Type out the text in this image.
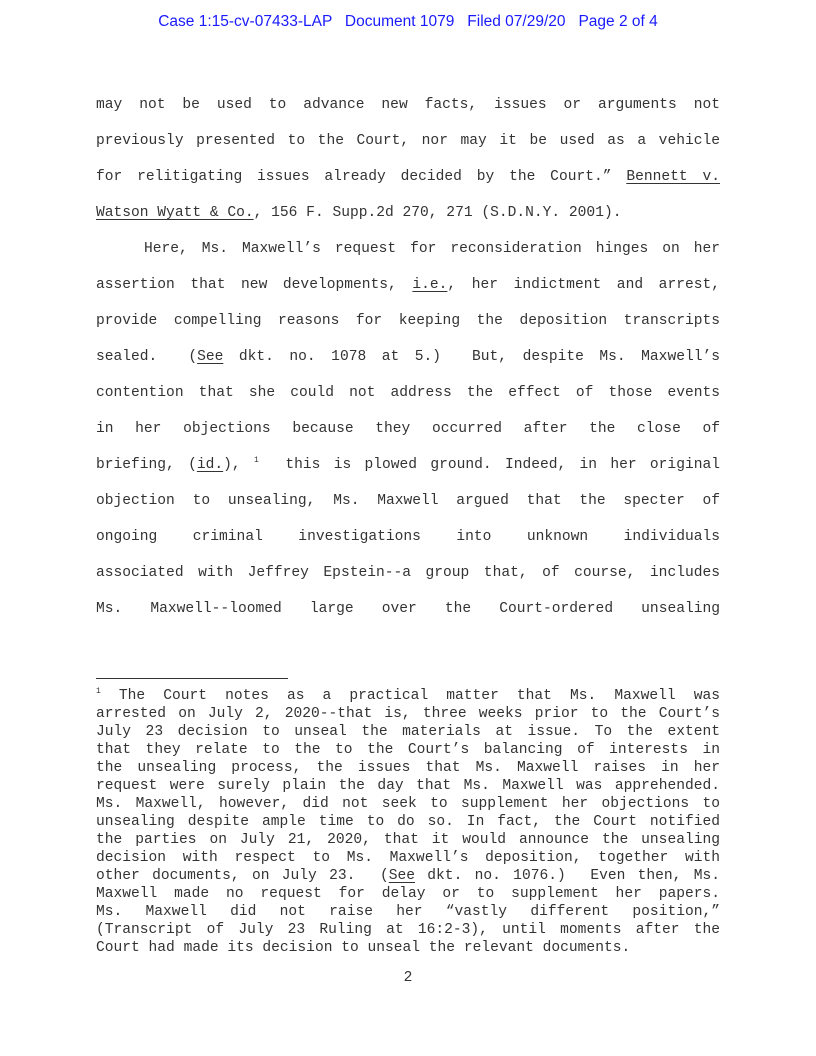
Case 1:15-cv-07433-LAP Document 1079 Filed 07/29/20 Page 2 of 4
may not be used to advance new facts, issues or arguments not
previously presented to the Court, nor may it be used as a vehicle
for relitigating issues already decided by the Court.” Bennett v.
Watson Wyatt & Co., 156 F. Supp.2d 270, 271 (S.D.N.Y. 2001).
Here, Ms. Maxwell’s request for reconsideration hinges on her
assertion that new developments, i.e., her indictment and arrest,
provide compelling reasons for keeping the deposition transcripts
sealed.  (See dkt. no. 1078 at 5.)  But, despite Ms. Maxwell’s
contention that she could not address the effect of those events
in her objections because they occurred after the close of
briefing, (id.), $^1$  this is plowed ground. Indeed, in her original
objection to unsealing, Ms. Maxwell argued that the specter of
ongoing criminal investigations into unknown individuals
associated with Jeffrey Epstein--a group that, of course, includes
Ms. Maxwell--loomed large over the Court-ordered unsealing
$^1$ The Court notes as a practical matter that Ms. Maxwell was
arrested on July 2, 2020--that is, three weeks prior to the Court’s
July 23 decision to unseal the materials at issue. To the extent
that they relate to the to the Court’s balancing of interests in
the unsealing process, the issues that Ms. Maxwell raises in her
request were surely plain the day that Ms. Maxwell was apprehended.
Ms. Maxwell, however, did not seek to supplement her objections to
unsealing despite ample time to do so. In fact, the Court notified
the parties on July 21, 2020, that it would announce the unsealing
decision with respect to Ms. Maxwell’s deposition, together with
other documents, on July 23.  (See dkt. no. 1076.)  Even then, Ms.
Maxwell made no request for delay or to supplement her papers.
Ms. Maxwell did not raise her “vastly different position,”
(Transcript of July 23 Ruling at 16:2-3), until moments after the
Court had made its decision to unseal the relevant documents.
2
